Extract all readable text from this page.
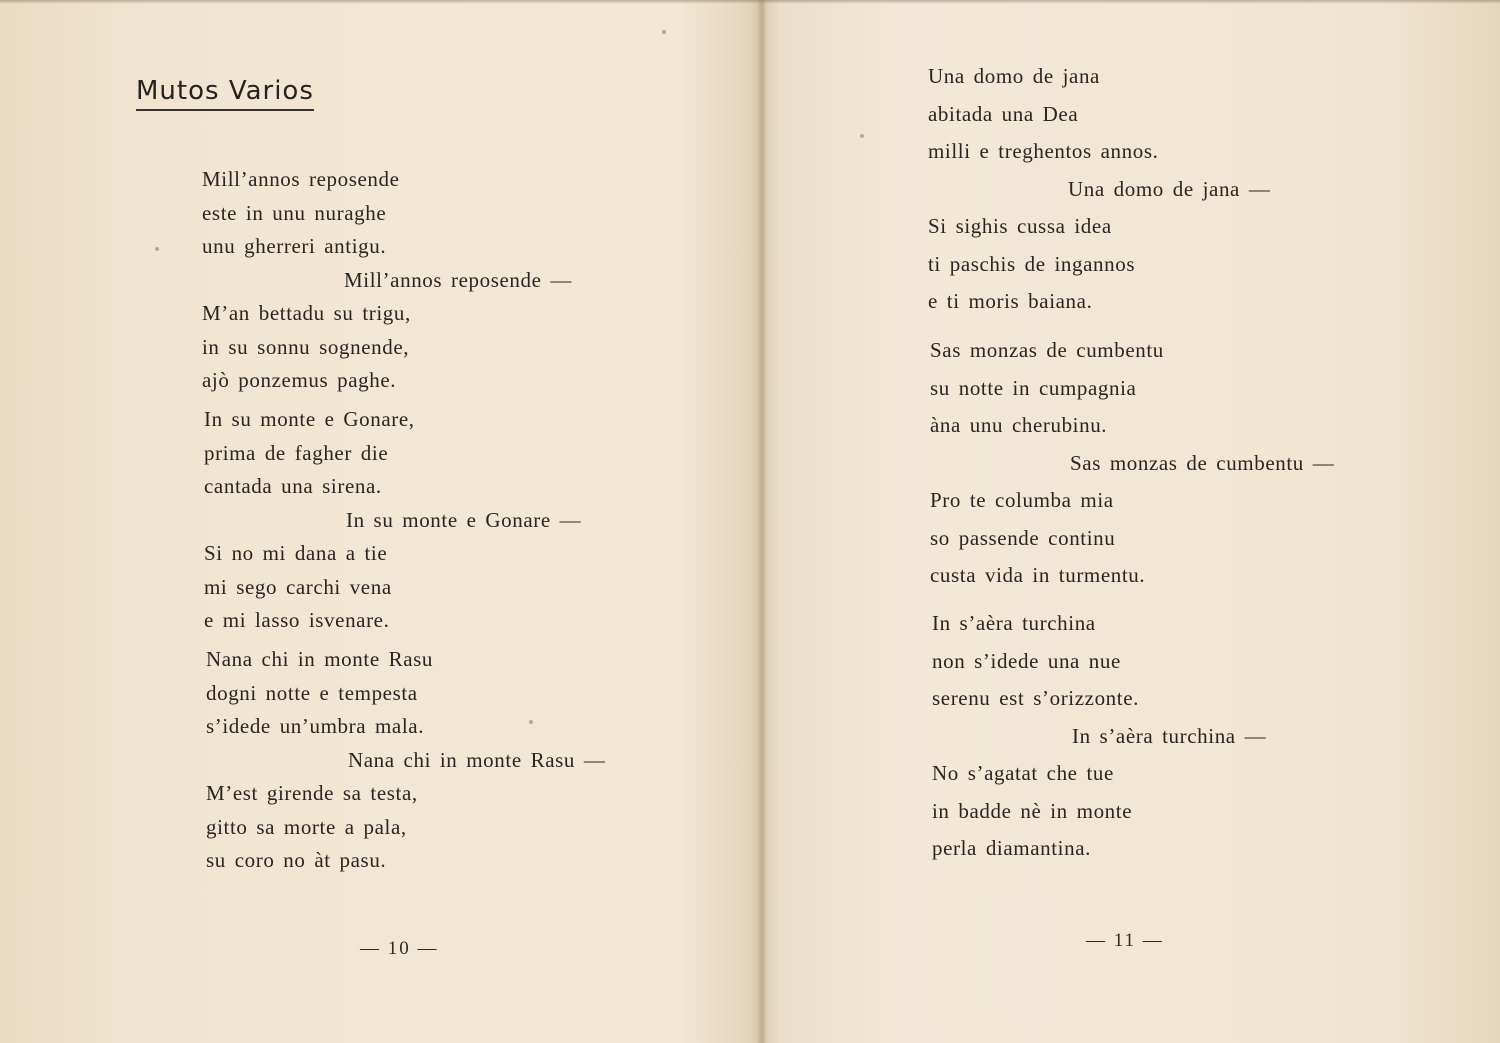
Mutos Varios
Mill’annos reposende
este in unu nuraghe
unu gherreri antigu.
Mill’annos reposende —
M’an bettadu su trigu,
in su sonnu sognende,
ajò ponzemus paghe.
In su monte e Gonare,
prima de fagher die
cantada una sirena.
In su monte e Gonare —
Si no mi dana a tie
mi sego carchi vena
e mi lasso isvenare.
Nana chi in monte Rasu
dogni notte e tempesta
s’idede un’umbra mala.
Nana chi in monte Rasu —
M’est girende sa testa,
gitto sa morte a pala,
su coro no àt pasu.
— 10 —
Una domo de jana
abitada una Dea
milli e treghentos annos.
Una domo de jana —
Si sighis cussa idea
ti paschis de ingannos
e ti moris baiana.
Sas monzas de cumbentu
su notte in cumpagnia
àna unu cherubinu.
Sas monzas de cumbentu —
Pro te columba mia
so passende continu
custa vida in turmentu.
In s’aèra turchina
non s’idede una nue
serenu est s’orizzonte.
In s’aèra turchina —
No s’agatat che tue
in badde nè in monte
perla diamantina.
— 11 —
